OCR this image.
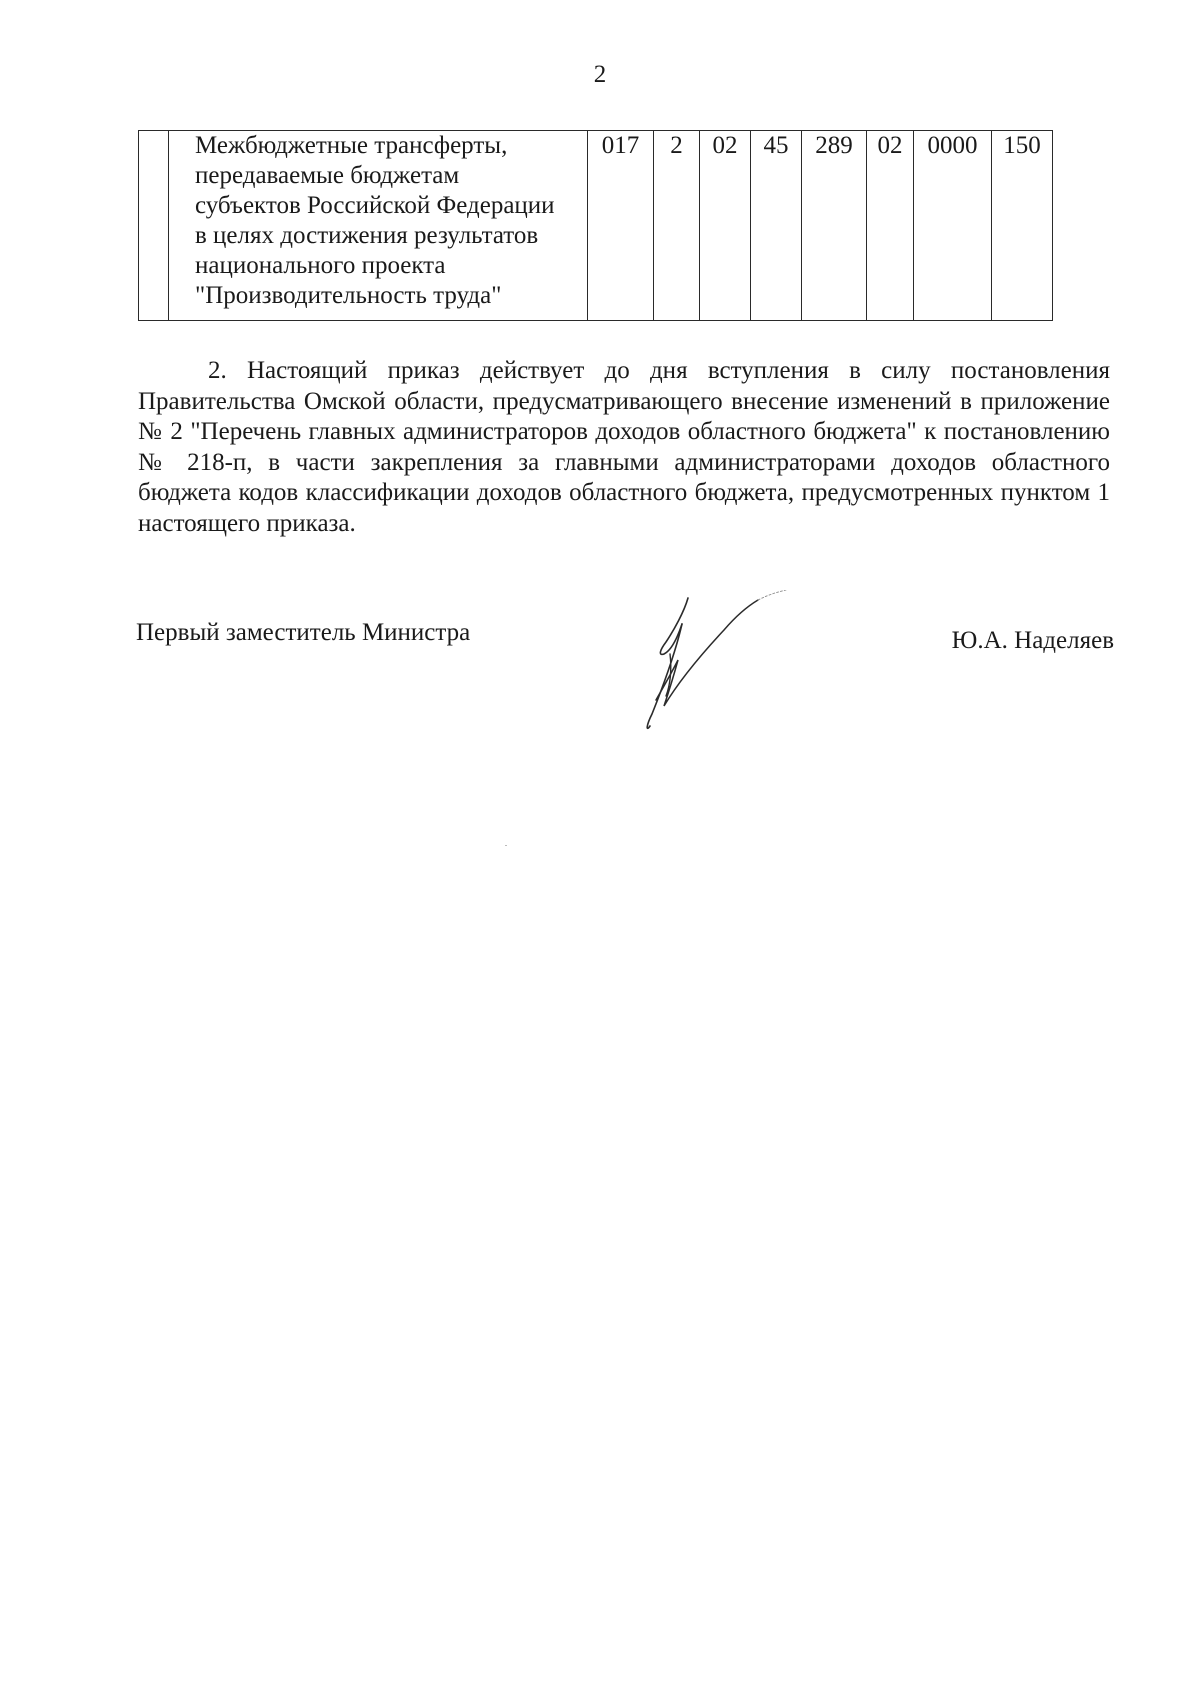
2

Межбюджетные трансферты,
передаваемые бюджетам
субъектов Российской Федерации
в целях достижения результатов
национального проекта
"Производительность труда"
	017	2	02	45	289	02	0000	150

2. Настоящий приказ действует до дня вступления в силу постановления Правительства Омской области, предусматривающего внесение изменений в приложение № 2 "Перечень главных администраторов доходов областного бюджета" к постановлению № 218-п, в части закрепления за главными администраторами доходов областного бюджета кодов классификации доходов областного бюджета, предусмотренных пунктом 1 настоящего приказа.

Первый заместитель Министра	Ю.А. Наделяев
